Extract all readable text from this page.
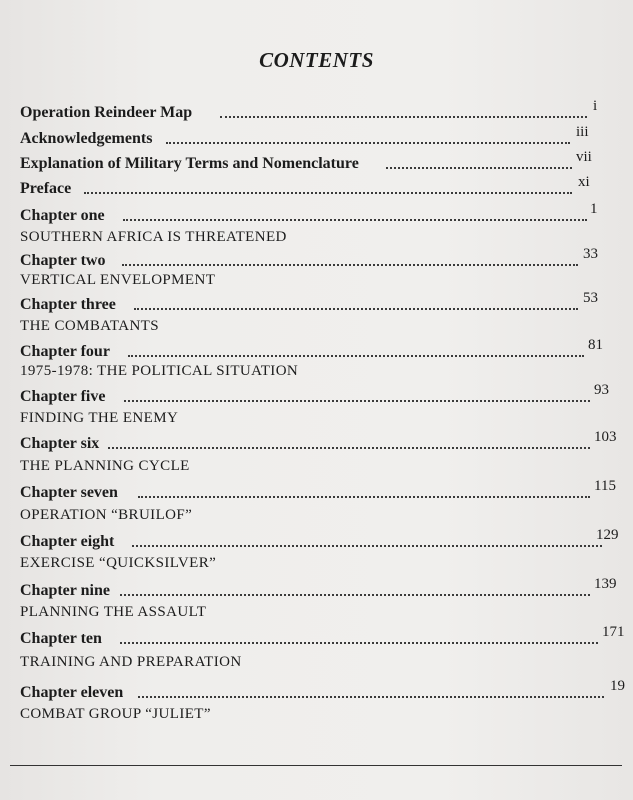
CONTENTS
Operation Reindeer Map	i
Acknowledgements	iii
Explanation of Military Terms and Nomenclature	vii
Preface	xi
Chapter one	1
SOUTHERN AFRICA IS THREATENED
Chapter two	33
VERTICAL ENVELOPMENT
Chapter three	53
THE COMBATANTS
Chapter four	81
1975-1978: THE POLITICAL SITUATION
Chapter five	93
FINDING THE ENEMY
Chapter six	103
THE PLANNING CYCLE
Chapter seven	115
OPERATION “BRUILOF”
Chapter eight	129
EXERCISE “QUICKSILVER”
Chapter nine	139
PLANNING THE ASSAULT
Chapter ten	171
TRAINING AND PREPARATION
Chapter eleven	19
COMBAT GROUP “JULIET”
